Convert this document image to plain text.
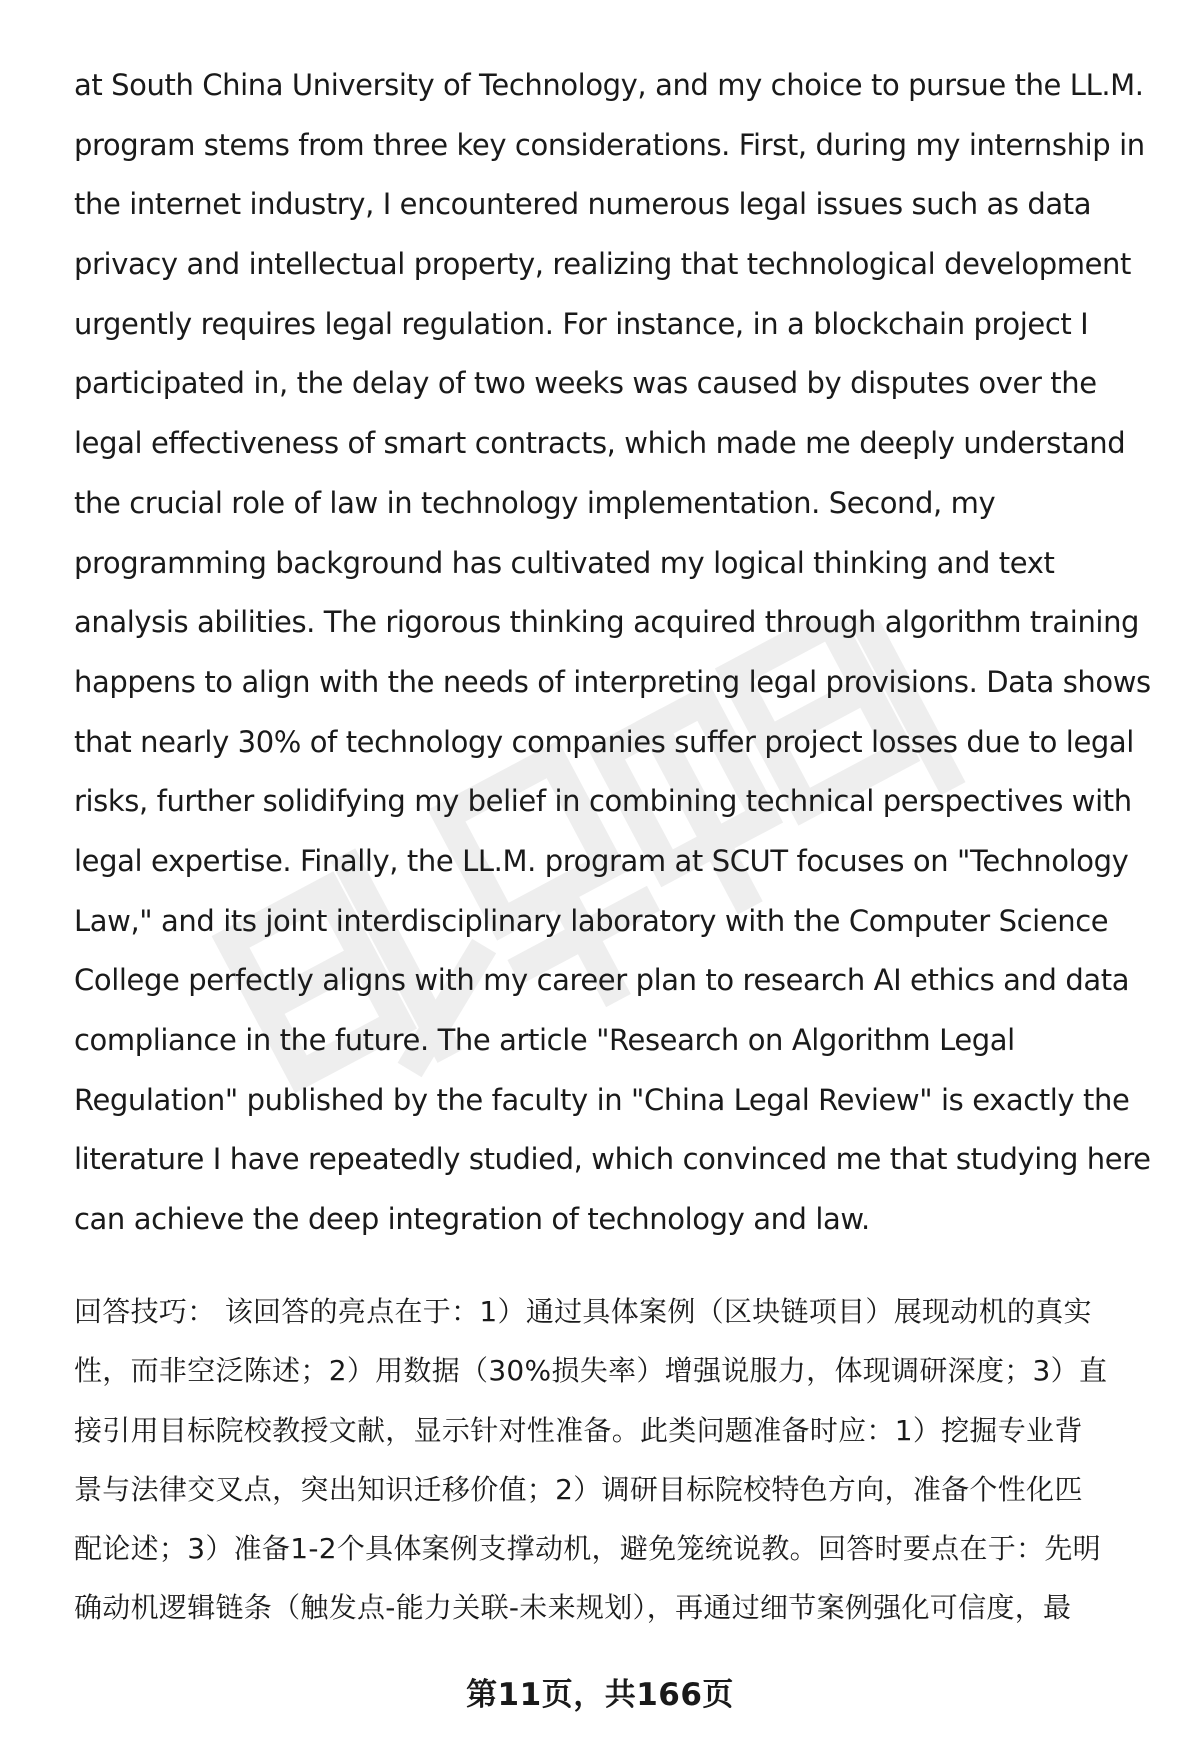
at South China University of Technology, and my choice to pursue the LL.M.
program stems from three key considerations. First, during my internship in
the internet industry, I encountered numerous legal issues such as data
privacy and intellectual property, realizing that technological development
urgently requires legal regulation. For instance, in a blockchain project I
participated in, the delay of two weeks was caused by disputes over the
legal effectiveness of smart contracts, which made me deeply understand
the crucial role of law in technology implementation. Second, my
programming background has cultivated my logical thinking and text
analysis abilities. The rigorous thinking acquired through algorithm training
happens to align with the needs of interpreting legal provisions. Data shows
that nearly 30% of technology companies suffer project losses due to legal
risks, further solidifying my belief in combining technical perspectives with
legal expertise. Finally, the LL.M. program at SCUT focuses on "Technology
Law," and its joint interdisciplinary laboratory with the Computer Science
College perfectly aligns with my career plan to research AI ethics and data
compliance in the future. The article "Research on Algorithm Legal
Regulation" published by the faculty in "China Legal Review" is exactly the
literature I have repeatedly studied, which convinced me that studying here
can achieve the deep integration of technology and law.
回答技巧： 该回答的亮点在于：1）通过具体案例（区块链项目）展现动机的真实
性，而非空泛陈述；2）用数据（30%损失率）增强说服力，体现调研深度；3）直
接引用目标院校教授文献，显示针对性准备。此类问题准备时应：1）挖掘专业背
景与法律交叉点，突出知识迁移价值；2）调研目标院校特色方向，准备个性化匹
配论述；3）准备1-2个具体案例支撑动机，避免笼统说教。回答时要点在于：先明
确动机逻辑链条（触发点-能力关联-未来规划），再通过细节案例强化可信度，最
第11页，共166页
